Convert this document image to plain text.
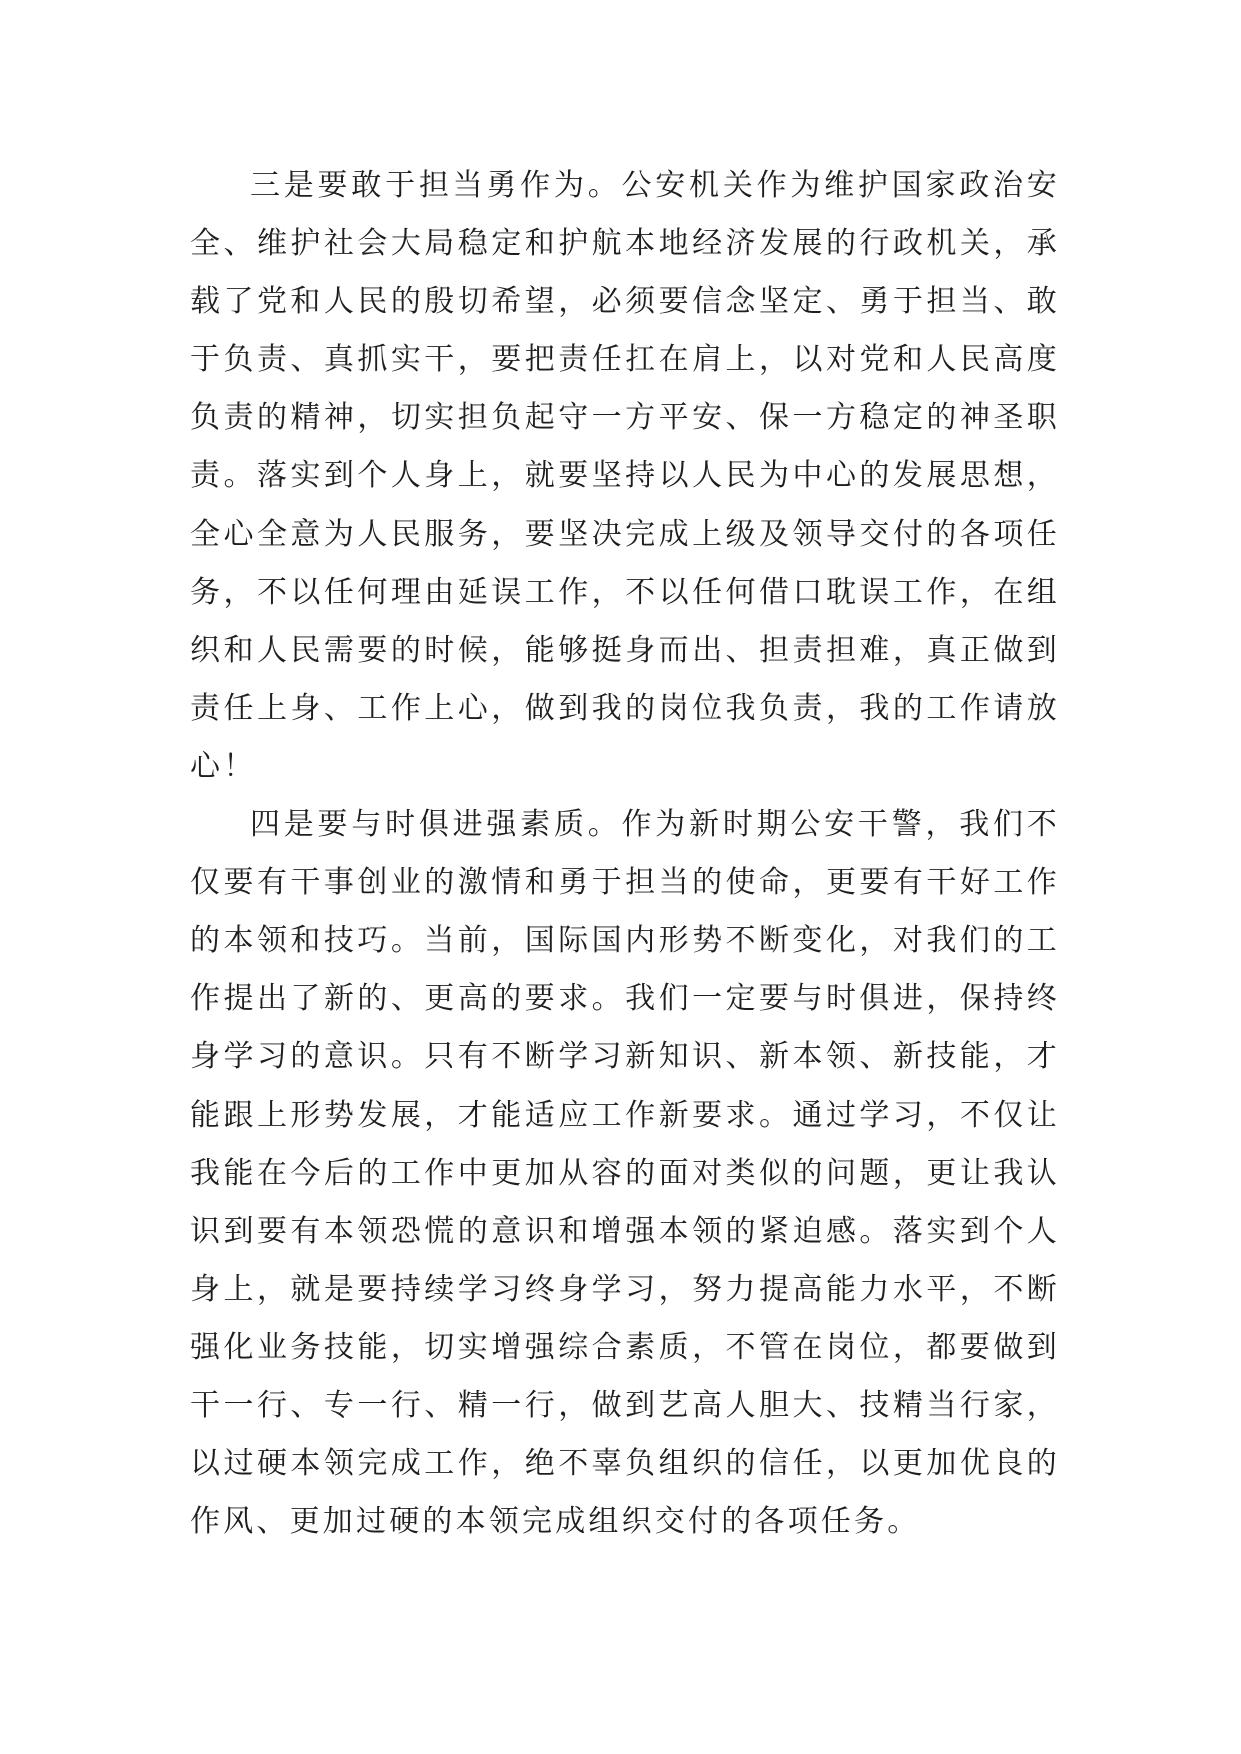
三是要敢于担当勇作为。公安机关作为维护国家政治安全、维护社会大局稳定和护航本地经济发展的行政机关，承载了党和人民的殷切希望，必须要信念坚定、勇于担当、敢于负责、真抓实干，要把责任扛在肩上，以对党和人民高度负责的精神，切实担负起守一方平安、保一方稳定的神圣职责。落实到个人身上，就要坚持以人民为中心的发展思想，全心全意为人民服务，要坚决完成上级及领导交付的各项任务，不以任何理由延误工作，不以任何借口耽误工作，在组织和人民需要的时候，能够挺身而出、担责担难，真正做到责任上身、工作上心，做到我的岗位我负责，我的工作请放心！

四是要与时俱进强素质。作为新时期公安干警，我们不仅要有干事创业的激情和勇于担当的使命，更要有干好工作的本领和技巧。当前，国际国内形势不断变化，对我们的工作提出了新的、更高的要求。我们一定要与时俱进，保持终身学习的意识。只有不断学习新知识、新本领、新技能，才能跟上形势发展，才能适应工作新要求。通过学习，不仅让我能在今后的工作中更加从容的面对类似的问题，更让我认识到要有本领恐慌的意识和增强本领的紧迫感。落实到个人身上，就是要持续学习终身学习，努力提高能力水平，不断强化业务技能，切实增强综合素质，不管在岗位，都要做到干一行、专一行、精一行，做到艺高人胆大、技精当行家，以过硬本领完成工作，绝不辜负组织的信任，以更加优良的作风、更加过硬的本领完成组织交付的各项任务。
